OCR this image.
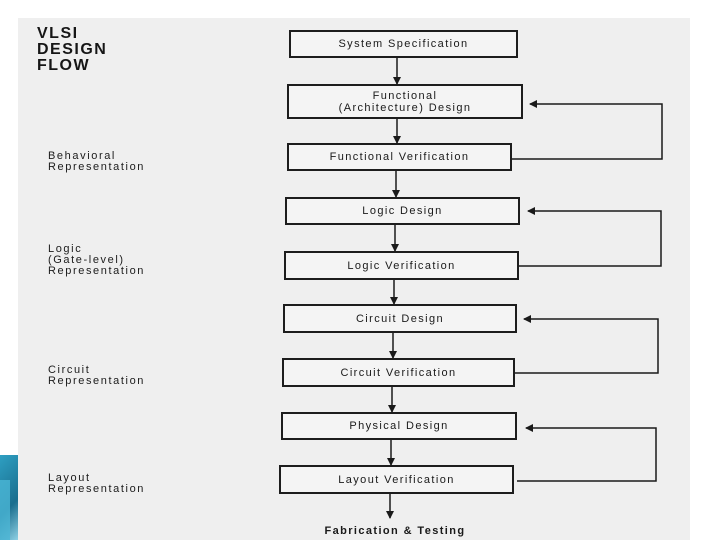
VLSI
DESIGN
FLOW
Behavioral
Representation
Logic
(Gate-level)
Representation
Circuit
Representation
Layout
Representation
System Specification
Functional
(Architecture) Design
Functional Verification
Logic Design
Logic Verification
Circuit Design
Circuit Verification
Physical Design
Layout Verification
Fabrication & Testing
